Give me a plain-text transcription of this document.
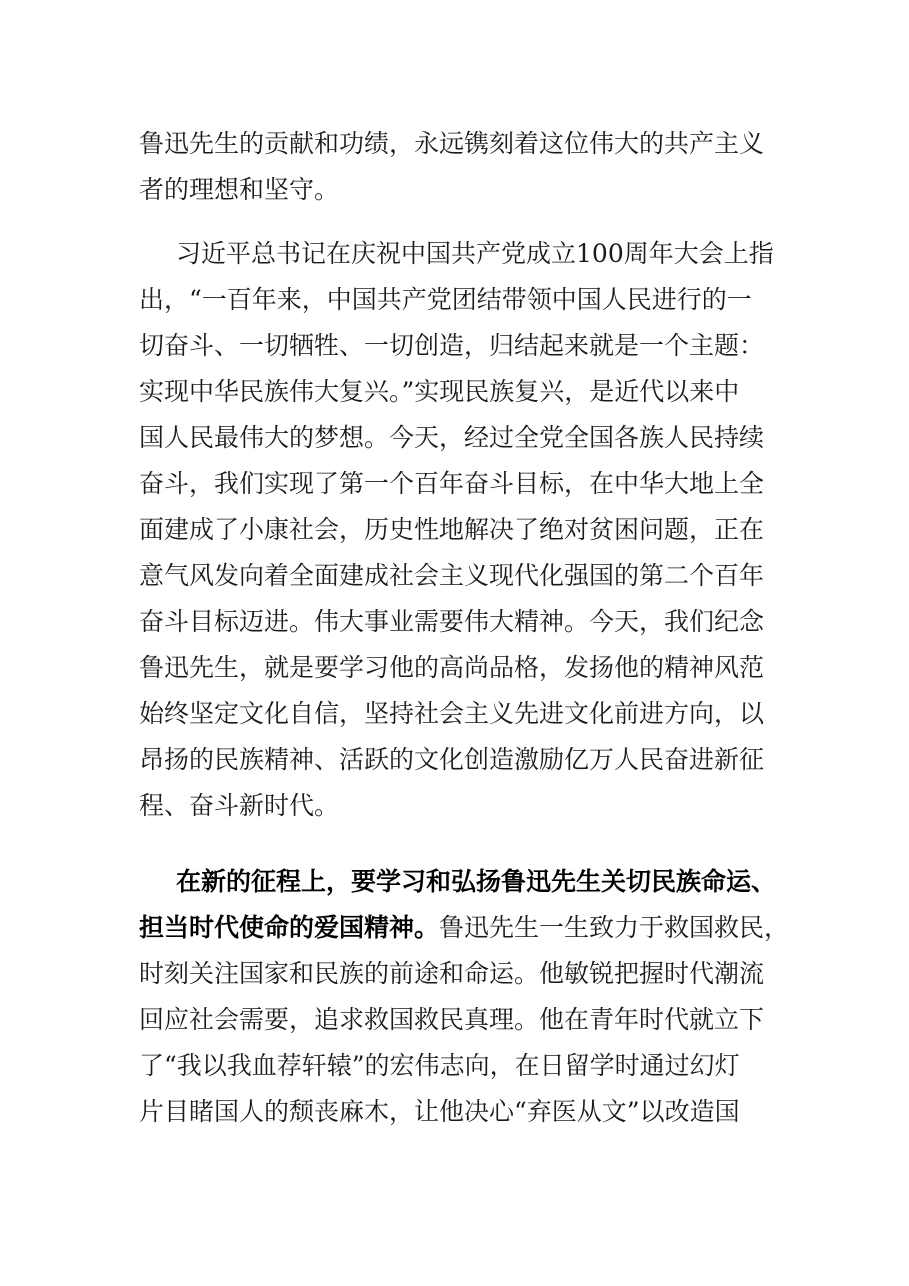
鲁迅先生的贡献和功绩，永远镌刻着这位伟大的共产主义
者的理想和坚守。
习近平总书记在庆祝中国共产党成立100周年大会上指
出，“一百年来，中国共产党团结带领中国人民进行的一
切奋斗、一切牺牲、一切创造，归结起来就是一个主题：
实现中华民族伟大复兴。”实现民族复兴，是近代以来中
国人民最伟大的梦想。今天，经过全党全国各族人民持续
奋斗，我们实现了第一个百年奋斗目标，在中华大地上全
面建成了小康社会，历史性地解决了绝对贫困问题，正在
意气风发向着全面建成社会主义现代化强国的第二个百年
奋斗目标迈进。伟大事业需要伟大精神。今天，我们纪念
鲁迅先生，就是要学习他的高尚品格，发扬他的精神风范
始终坚定文化自信，坚持社会主义先进文化前进方向，以
昂扬的民族精神、活跃的文化创造激励亿万人民奋进新征
程、奋斗新时代。
在新的征程上，要学习和弘扬鲁迅先生关切民族命运、
担当时代使命的爱国精神。鲁迅先生一生致力于救国救民，
时刻关注国家和民族的前途和命运。他敏锐把握时代潮流
回应社会需要，追求救国救民真理。他在青年时代就立下
了“我以我血荐轩辕”的宏伟志向，在日留学时通过幻灯
片目睹国人的颓丧麻木，让他决心“弃医从文”以改造国
